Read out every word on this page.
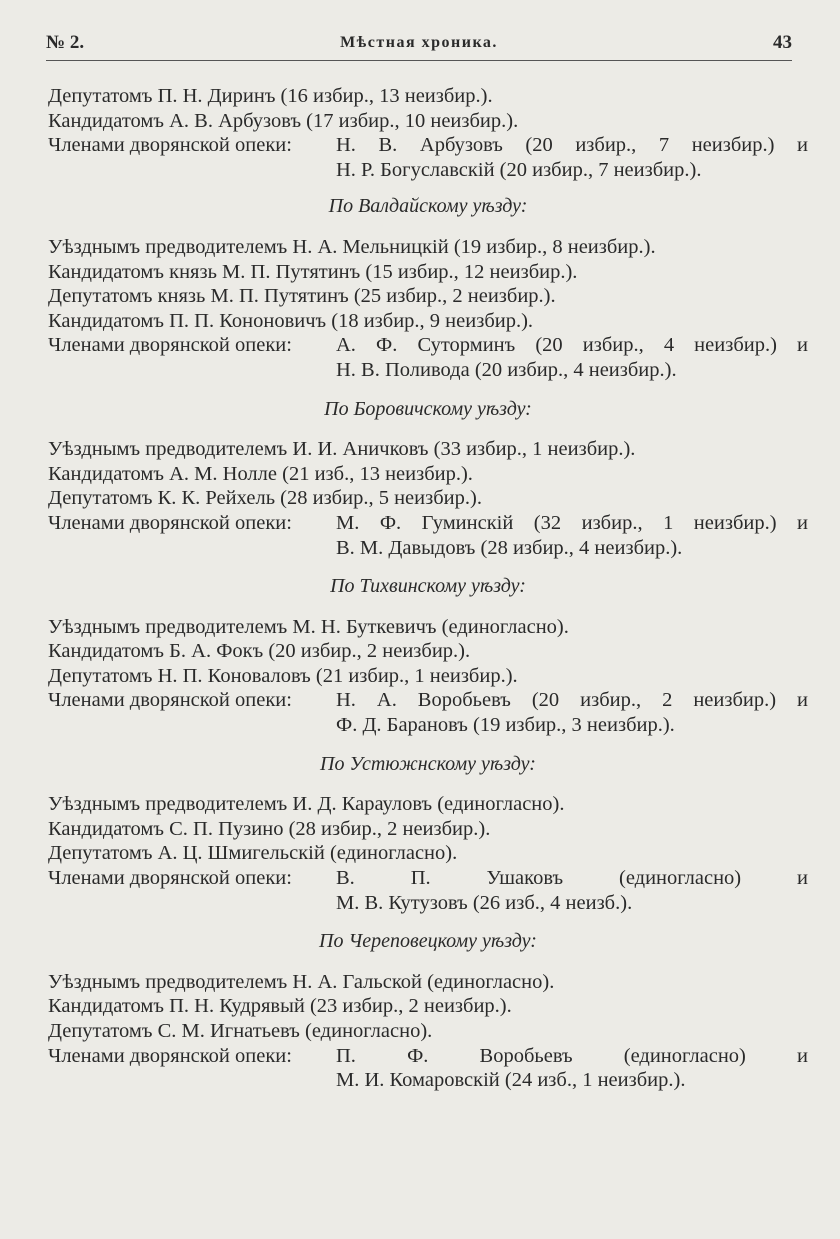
№ 2.	Мѣстная хроника.	43
Депутатомъ П. Н. Диринъ (16 избир., 13 неизбир.).
Кандидатомъ А. В. Арбузовъ (17 избир., 10 неизбир.).
Членами дворянской опеки: Н. В. Арбузовъ (20 избир., 7 неизбир.) и
Н. Р. Богуславскій (20 избир., 7 неизбир.).
По Валдайскому уѣзду:
Уѣзднымъ предводителемъ Н. А. Мельницкій (19 избир., 8 неизбир.).
Кандидатомъ князь М. П. Путятинъ (15 избир., 12 неизбир.).
Депутатомъ князь М. П. Путятинъ (25 избир., 2 неизбир.).
Кандидатомъ П. П. Кононовичъ (18 избир., 9 неизбир.).
Членами дворянской опеки: А. Ф. Суторминъ (20 избир., 4 неизбир.) и
Н. В. Поливода (20 избир., 4 неизбир.).
По Боровичскому уѣзду:
Уѣзднымъ предводителемъ И. И. Аничковъ (33 избир., 1 неизбир.).
Кандидатомъ А. М. Нолле (21 изб., 13 неизбир.).
Депутатомъ К. К. Рейхель (28 избир., 5 неизбир.).
Членами дворянской опеки: М. Ф. Гуминскій (32 избир., 1 неизбир.) и
В. М. Давыдовъ (28 избир., 4 неизбир.).
По Тихвинскому уѣзду:
Уѣзднымъ предводителемъ М. Н. Буткевичъ (единогласно).
Кандидатомъ Б. А. Фокъ (20 избир., 2 неизбир.).
Депутатомъ Н. П. Коноваловъ (21 избир., 1 неизбир.).
Членами дворянской опеки: Н. А. Воробьевъ (20 избир., 2 неизбир.) и
Ф. Д. Барановъ (19 избир., 3 неизбир.).
По Устюжнскому уѣзду:
Уѣзднымъ предводителемъ И. Д. Карауловъ (единогласно).
Кандидатомъ С. П. Пузино (28 избир., 2 неизбир.).
Депутатомъ А. Ц. Шмигельскій (единогласно).
Членами дворянской опеки: В. П. Ушаковъ (единогласно) и
М. В. Кутузовъ (26 изб., 4 неизб.).
По Череповецкому уѣзду:
Уѣзднымъ предводителемъ Н. А. Гальской (единогласно).
Кандидатомъ П. Н. Кудрявый (23 избир., 2 неизбир.).
Депутатомъ С. М. Игнатьевъ (единогласно).
Членами дворянской опеки: П. Ф. Воробьевъ (единогласно) и
М. И. Комаровскій (24 изб., 1 неизбир.).
